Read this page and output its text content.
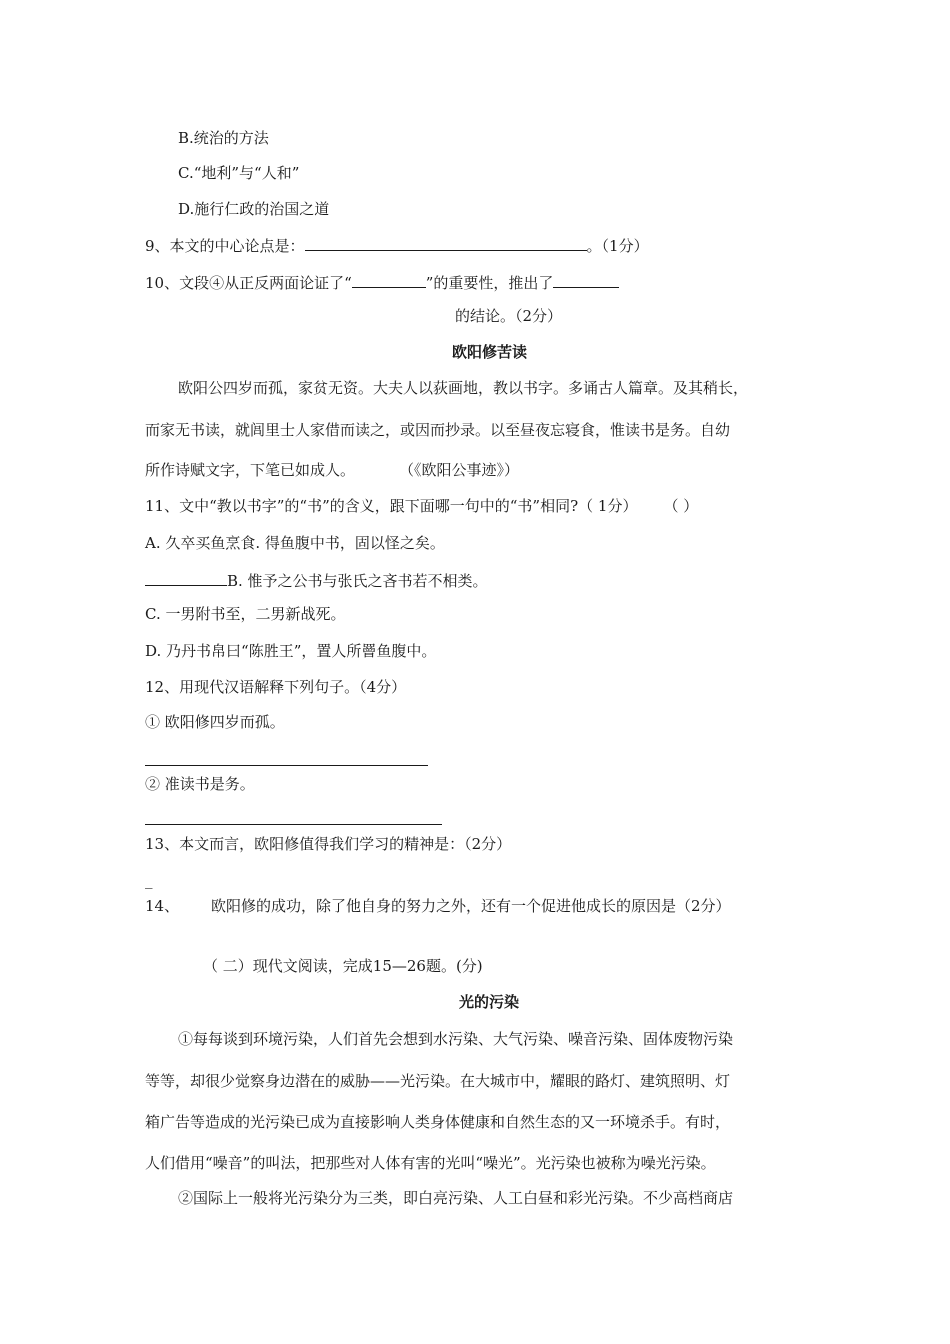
B.统治的方法
C.“地利”与“人和”
D.施行仁政的治国之道
9、本文的中心论点是：	。（1分）
10、文段④从正反两面论证了“	”的重要性，推出了
的结论。（2分）
欧阳修苦读
欧阳公四岁而孤，家贫无资。大夫人以荻画地，教以书字。多诵古人篇章。及其稍长，
而家无书读，就闾里士人家借而读之，或因而抄录。以至昼夜忘寝食，惟读书是务。自幼
所作诗赋文字，下笔已如成人。	（《欧阳公事迹》）
11、文中“教以书字”的“书”的含义，跟下面哪一句中的“书”相同?（ 1分） （ ）
A. 久卒买鱼烹食. 得鱼腹中书，固以怪之矣。
B. 惟予之公书与张氏之吝书若不相类。
C. 一男附书至，二男新战死。
D. 乃丹书帛曰“陈胜王”，置人所罾鱼腹中。
12、用现代汉语解释下列句子。（4分）
① 欧阳修四岁而孤。
② 准读书是务。
13、本文而言，欧阳修值得我们学习的精神是：（2分）
_
14、 欧阳修的成功，除了他自身的努力之外，还有一个促进他成长的原因是（2分）
（ 二）现代文阅读，完成15—26题。(分)
光的污染
①每每谈到环境污染，人们首先会想到水污染、大气污染、噪音污染、固体废物污染
等等，却很少觉察身边潜在的威胁——光污染。在大城市中，耀眼的路灯、建筑照明、灯
箱广告等造成的光污染已成为直接影响人类身体健康和自然生态的又一环境杀手。有时，
人们借用“噪音”的叫法，把那些对人体有害的光叫“噪光”。光污染也被称为噪光污染。
②国际上一般将光污染分为三类，即白亮污染、人工白昼和彩光污染。不少高档商店
